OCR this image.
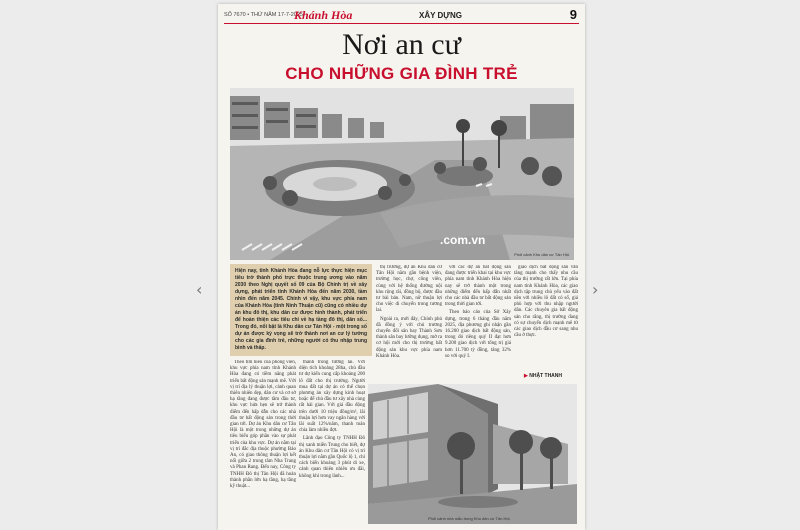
‹	›
SỐ 7670 • THỨ NĂM 17-7-2025
Khánh Hòa	XÂY DỰNG	9
Nơi an cư
CHO NHỮNG GIA ĐÌNH TRẺ
Phối cảnh Khu dân cư Tân Hội.
.com.vn
Hiện nay, tỉnh Khánh Hòa đang nỗ lực thực hiện mục tiêu trở thành phố trực thuộc trung ương vào năm 2030 theo Nghị quyết số 09 của Bộ Chính trị về xây dựng, phát triển tỉnh Khánh Hòa đến năm 2030, tầm nhìn đến năm 2045. Chính vì vậy, khu vực phía nam của Khánh Hòa (tỉnh Ninh Thuận cũ) cũng có nhiều dự án khu đô thị, khu dân cư được hình thành, phát triển để hoàn thiện các tiêu chí về hạ tầng đô thị, dân số... Trong đó, nổi bật là Khu dân cư Tân Hội - một trong số dự án được kỳ vọng sẽ trở thành nơi an cư lý tưởng cho các gia đình trẻ, những người có thu nhập trung bình và thấp.

Theo tìm hiểu của phóng viên, khu vực phía nam tỉnh Khánh Hòa đang có tiềm năng phát triển bất động sản mạnh mẽ. Với vị trí địa lý thuận lợi, cảnh quan thiên nhiên đẹp, dân cư và cơ sở hạ tầng đang được tầm đầu tư, khu vực hứa hẹn sẽ trở thành điểm đến hấp dẫn cho các nhà đầu tư bất động sản trong thời gian tới. Dự án Khu dân cư Tân Hội là một trong những dự án tiêu biểu góp phần vào sự phát triển của khu vực. Dự án nằm tại vị trí đắc địa thuộc phường Bảo An, có giao thông thuận lợi kết nối giữa 2 trung tâm Nha Trang và Phan Rang. Đến nay, Công ty TNHH Đô thị Tân Hội đã hoàn thành phần lớn hạ tầng, hạ tầng kỹ thuật...

thành trong tương lai. Với diện tích khoảng 28ha, chủ đầu tư dự kiến cung cấp khoảng 200 lô đất cho thị trường. Người mua đất tại dự án có thể chọn phương án xây dựng kinh hoạt hoặc để chủ đầu tư xây nhà cùng rất hài gian. Với giá đầu động trên dưới 10 triệu đồng/m², lãi thuận lợi hơn vay ngân hàng với lãi suất 12%/năm, thanh toán chia làm nhiều đợt.

Lãnh đạo Công ty TNHH Đô thị xanh miền Trung cho biết, dự án Khu dân cư Tân Hội có vị trí thuận lợi nằm gần Quốc lộ 1, chỉ cách biển khoảng 3 phút di xe, cảnh quan thiên nhiên ưu đãi, không khí trong lành...

thị trường, dự án Khu dân cư Tân Hội nằm gần bệnh viện, trường học, chợ, công viên, cùng với hệ thống đường nội khu rộng rãi, đồng bộ, được đầu tư bài bản. Nam, nữ thuận lợi cho việc di chuyển trong tương lai.

Ngoài ra, mới đây, Chính phủ đã đồng ý với chủ trương chuyển đổi sân bay Thành Sơn thành sân bay lưỡng dụng, mở ra cơ hội mới cho thị trường bất động sản khu vực phía nam Khánh Hòa.

với các dự án bất động sản đang được triển khai tại khu vực phía nam tỉnh Khánh Hòa hiện nay sẽ trở thành một trong những điểm đến hấp dẫn nhất cho các nhà đầu tư bất động sản trong thời gian tới.

Theo báo cáo của Sở Xây dựng, trong 6 tháng đầu năm 2025, địa phương ghi nhận gần 16.200 giao dịch bất động sản, trong đó riêng quý II đạt hơn 9.200 giao dịch với tổng trị giá hơn 11.700 tỷ đồng, tăng 32% so với quý I.

giao dịch bất động sản vẫn tăng mạnh cho thấy nhu cầu của thị trường rất lớn. Tại phía nam tỉnh Khánh Hòa, các giao dịch tập trung chủ yếu vào đất nền với nhiều lô đất có sổ, giá phù hợp với thu nhập người dân. Các chuyên gia bất động sản cho rằng, thị trường đang có sự chuyển dịch mạnh mẽ từ các giao dịch đầu cơ sang nhu cầu ở thực.

▶ NHẬT THANH
Phối cảnh nhà mẫu trong Khu dân cư Tân Hội.
